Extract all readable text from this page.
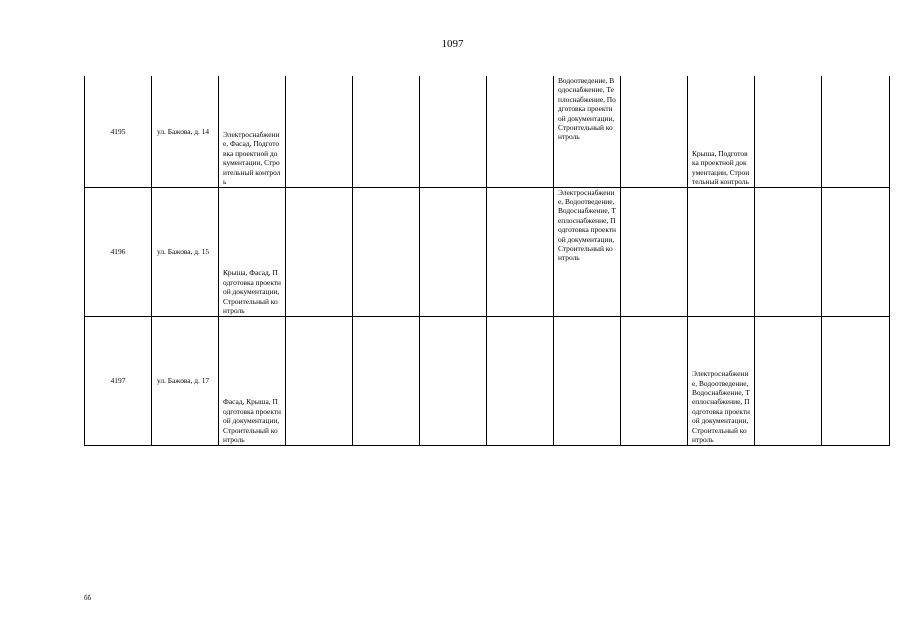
1097
4195	ул. Бажова, д. 14	Электроснабжение, Фасад, Подготовка проектной документации, Строительный контроль					Водоотведение, Водоснабжение, Теплоснабжение, Подготовка проектной документации, Строительный контроль		Крыша, Подготовка проектной документации, Строительный контроль		
4196	ул. Бажова, д. 15	Крыша, Фасад, Подготовка проектной документации, Строительный контроль					Электроснабжение, Водоотведение, Водоснабжение, Теплоснабжение, Подготовка проектной документации, Строительный контроль				
4197	ул. Бажова, д. 17	Фасад, Крыша, Подготовка проектной документации, Строительный контроль							Электроснабжение, Водоотведение, Водоснабжение, Теплоснабжение, Подготовка проектной документации, Строительный контроль		
бб
